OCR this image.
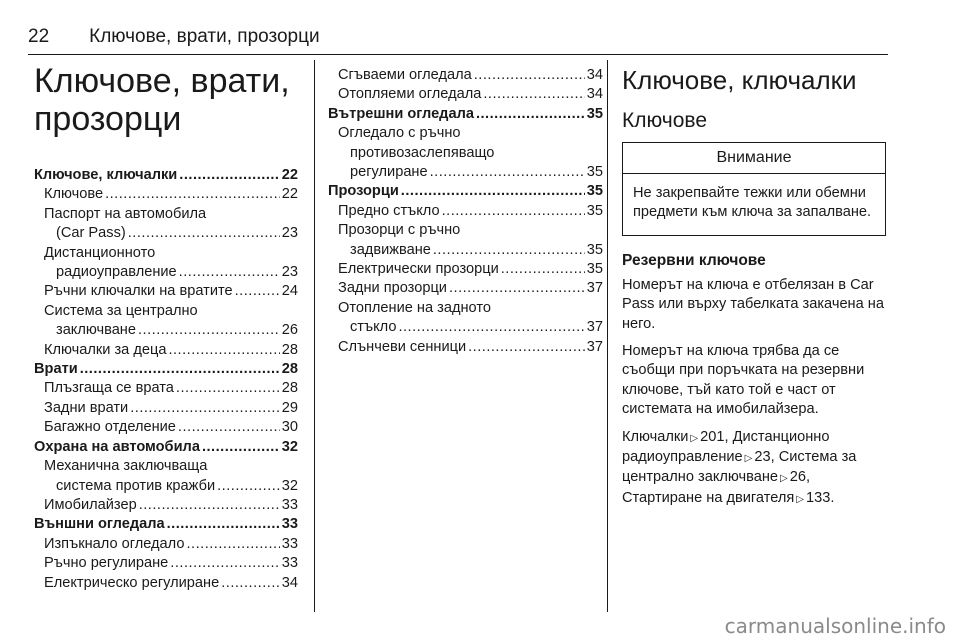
22 Ключове, врати, прозорци
Ключове, врати, прозорци
Ключове, ключалки .....	22
Ключове .....	22
Паспорт на автомобила
(Car Pass) .....	23
Дистанционното
радиоуправление .....	23
Ръчни ключалки на вратите .....	24
Система за централно
заключване .....	26
Ключалки за деца .....	28
Врати .....	28
Плъзгаща се врата .....	28
Задни врати .....	29
Багажно отделение .....	30
Охрана на автомобила .....	32
Механична заключваща
система против кражби .....	32
Имобилайзер .....	33
Външни огледала .....	33
Изпъкнало огледало .....	33
Ръчно регулиране .....	33
Електрическо регулиране .....	34
Сгъваеми огледала .....	34
Отопляеми огледала .....	34
Вътрешни огледала .....	35
Огледало с ръчно
противозаслепяващо
регулиране .....	35
Прозорци .....	35
Предно стъкло .....	35
Прозорци с ръчно
задвижване .....	35
Електрически прозорци .....	35
Задни прозорци .....	37
Отопление на задното
стъкло .....	37
Слънчеви сенници .....	37
Ключове, ключалки
Ключове
Внимание
Не закрепвайте тежки или обемни предмети към ключа за запалване.
Резервни ключове

Номерът на ключа е отбелязан в Car Pass или върху табелката закачена на него.

Номерът на ключа трябва да се съобщи при поръчката на резервни ключове, тъй като той е част от системата на имобилайзера.

Ключалки ▷ 201, Дистанционно радиоуправление ▷ 23, Система за централно заключване ▷ 26, Стартиране на двигателя ▷ 133.

carmanualsonline.info
